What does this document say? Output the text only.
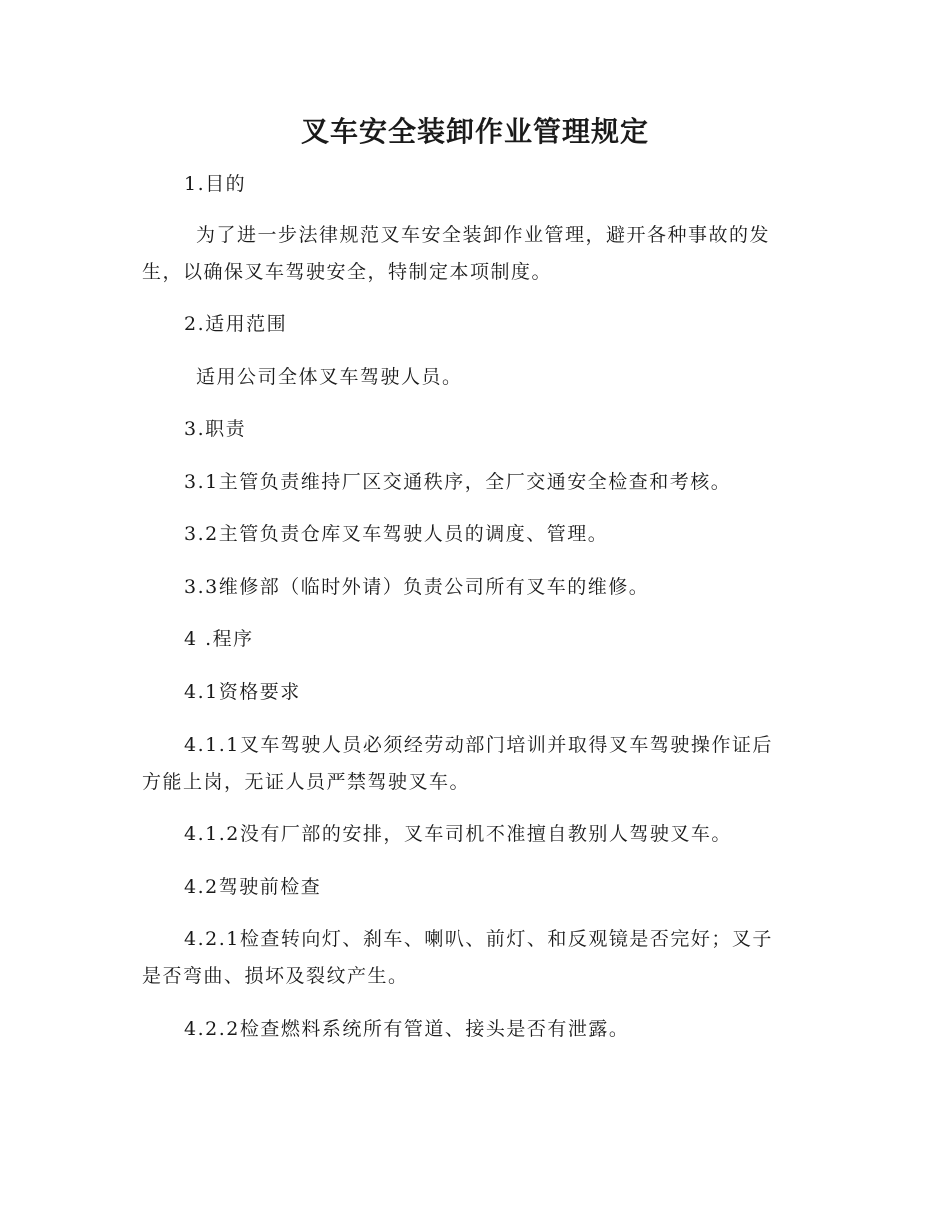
叉车安全装卸作业管理规定

1.目的

为了进一步法律规范叉车安全装卸作业管理，避开各种事故的发
生，以确保叉车驾驶安全，特制定本项制度。

2.适用范围

适用公司全体叉车驾驶人员。

3.职责

3.1主管负责维持厂区交通秩序，全厂交通安全检查和考核。

3.2主管负责仓库叉车驾驶人员的调度、管理。

3.3维修部（临时外请）负责公司所有叉车的维修。

4 .程序

4.1资格要求

4.1.1叉车驾驶人员必须经劳动部门培训并取得叉车驾驶操作证后
方能上岗，无证人员严禁驾驶叉车。

4.1.2没有厂部的安排，叉车司机不准擅自教别人驾驶叉车。

4.2驾驶前检查

4.2.1检查转向灯、刹车、喇叭、前灯、和反观镜是否完好；叉子
是否弯曲、损坏及裂纹产生。

4.2.2检查燃料系统所有管道、接头是否有泄露。
